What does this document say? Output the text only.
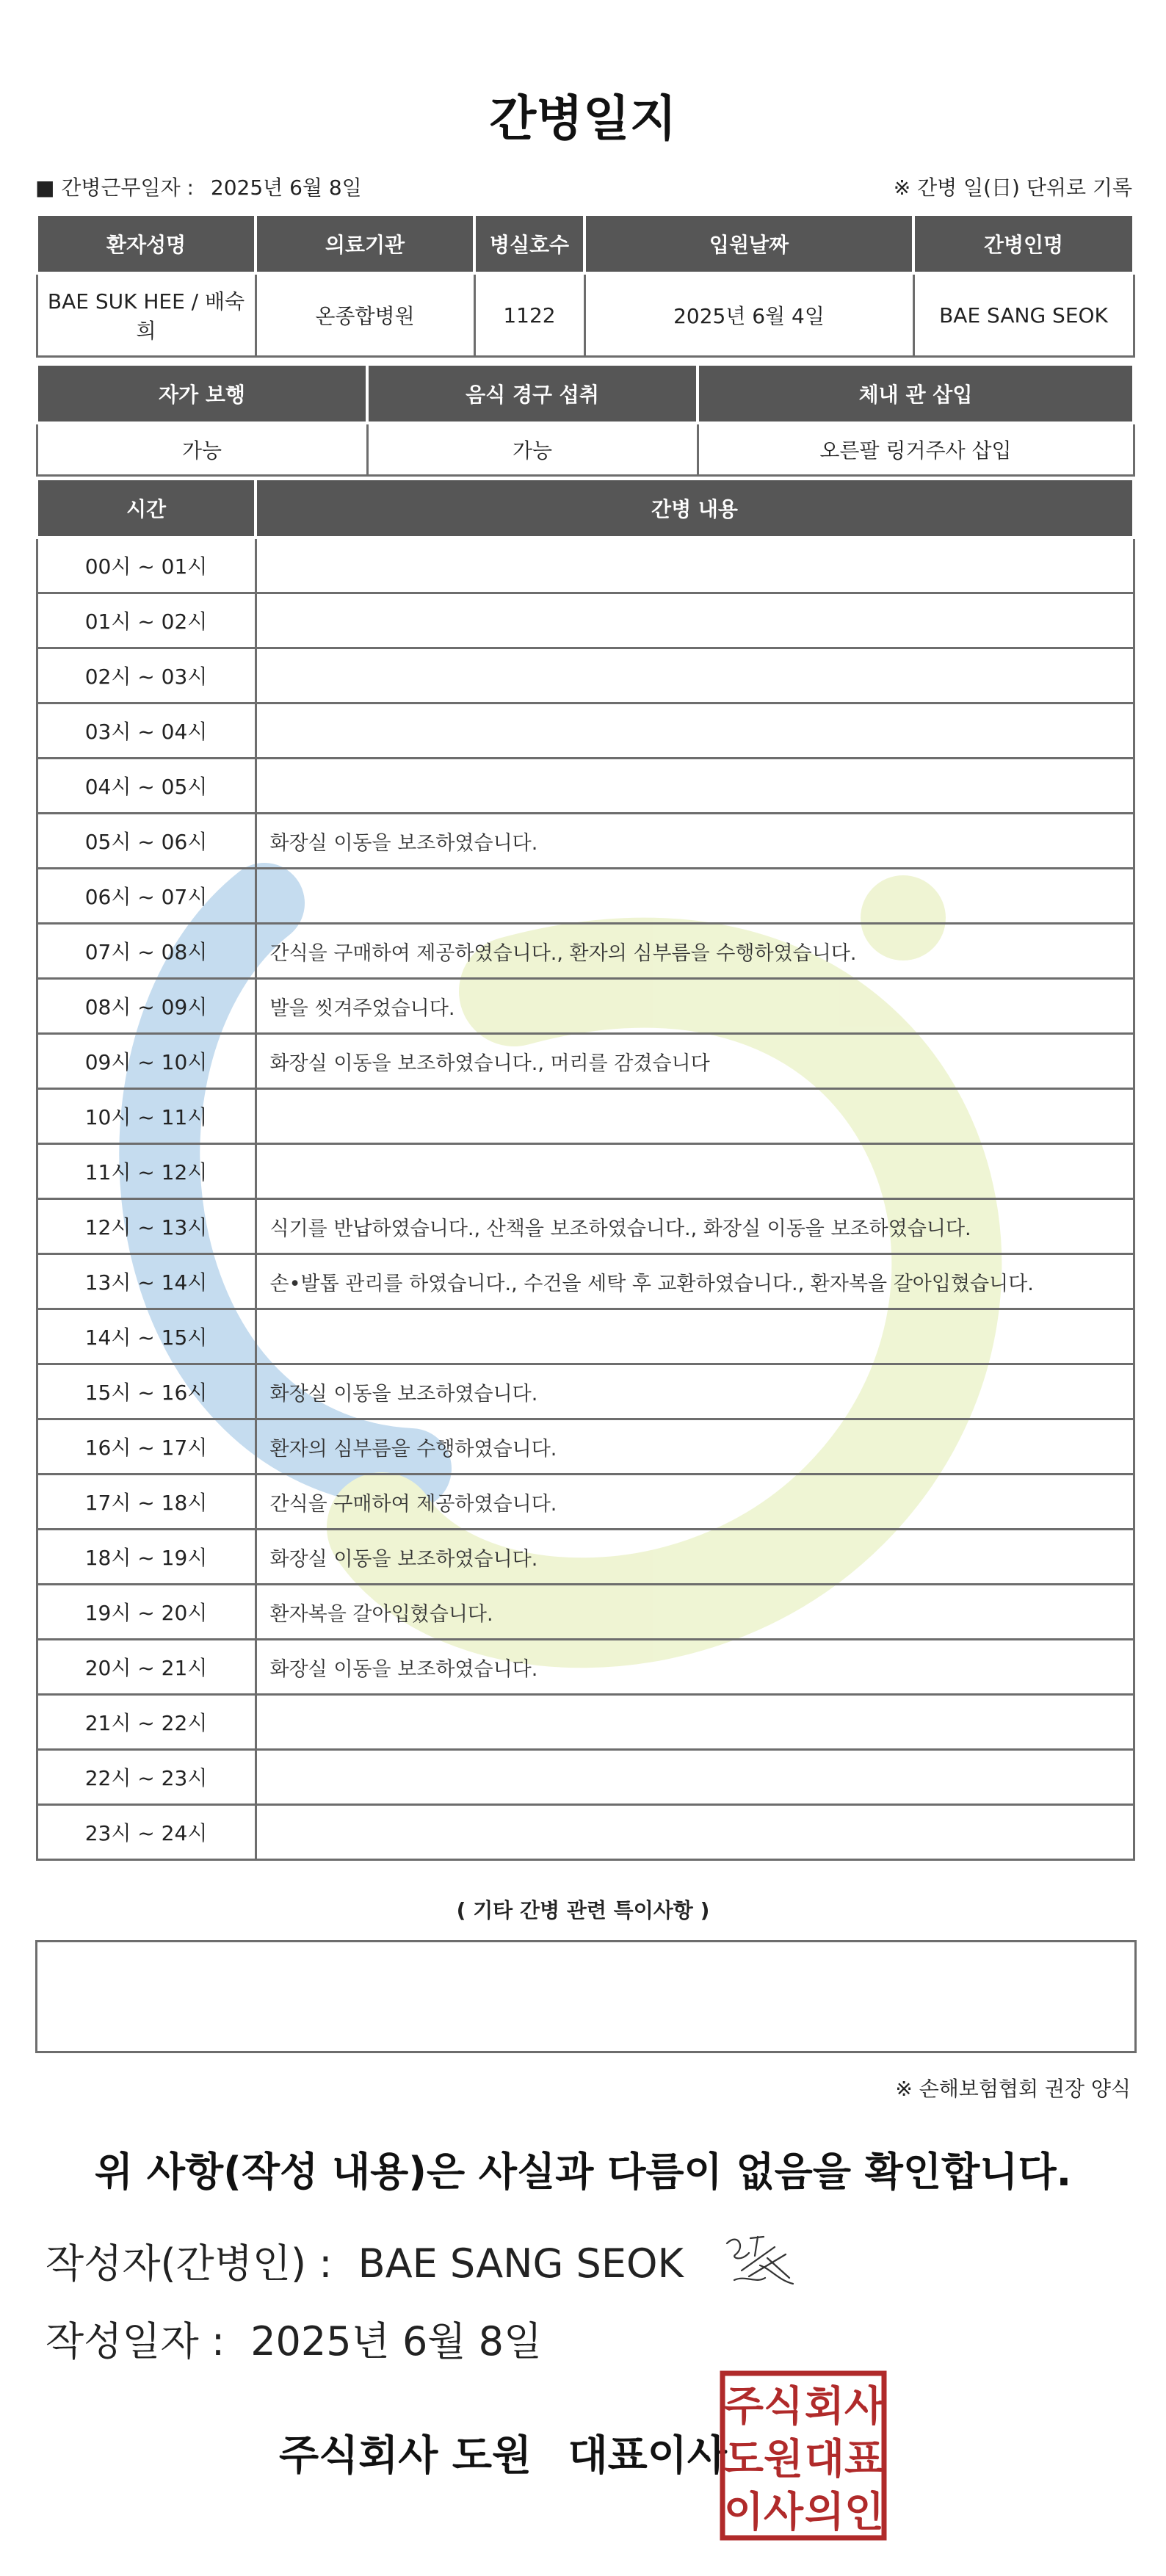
간병일지
■ 간병근무일자 : 2025년 6월 8일	※ 간병 일(日) 단위로 기록
환자성명	의료기관	병실호수	입원날짜	간병인명
BAE SUK HEE / 배숙희	온종합병원	1122	2025년 6월 4일	BAE SANG SEOK
자가 보행	음식 경구 섭취	체내 관 삽입
가능	가능	오른팔 링거주사 삽입
시간	간병 내용
00시 ~ 01시	
01시 ~ 02시	
02시 ~ 03시	
03시 ~ 04시	
04시 ~ 05시	
05시 ~ 06시	화장실 이동을 보조하였습니다.
06시 ~ 07시	
07시 ~ 08시	간식을 구매하여 제공하였습니다., 환자의 심부름을 수행하였습니다.
08시 ~ 09시	발을 씻겨주었습니다.
09시 ~ 10시	화장실 이동을 보조하였습니다., 머리를 감겼습니다
10시 ~ 11시	
11시 ~ 12시	
12시 ~ 13시	식기를 반납하였습니다., 산책을 보조하였습니다., 화장실 이동을 보조하였습니다.
13시 ~ 14시	손•발톱 관리를 하였습니다., 수건을 세탁 후 교환하였습니다., 환자복을 갈아입혔습니다.
14시 ~ 15시	
15시 ~ 16시	화장실 이동을 보조하였습니다.
16시 ~ 17시	환자의 심부름을 수행하였습니다.
17시 ~ 18시	간식을 구매하여 제공하였습니다.
18시 ~ 19시	화장실 이동을 보조하였습니다.
19시 ~ 20시	환자복을 갈아입혔습니다.
20시 ~ 21시	화장실 이동을 보조하였습니다.
21시 ~ 22시	
22시 ~ 23시	
23시 ~ 24시	
( 기타 간병 관련 특이사항 )
※ 손해보험협회 권장 양식
위 사항(작성 내용)은 사실과 다름이 없음을 확인합니다.
작성자(간병인) : BAE SANG SEOK
작성일자 : 2025년 6월 8일
주식회사 도원 대표이사
주식 회사
도원 대표
이사 의인
